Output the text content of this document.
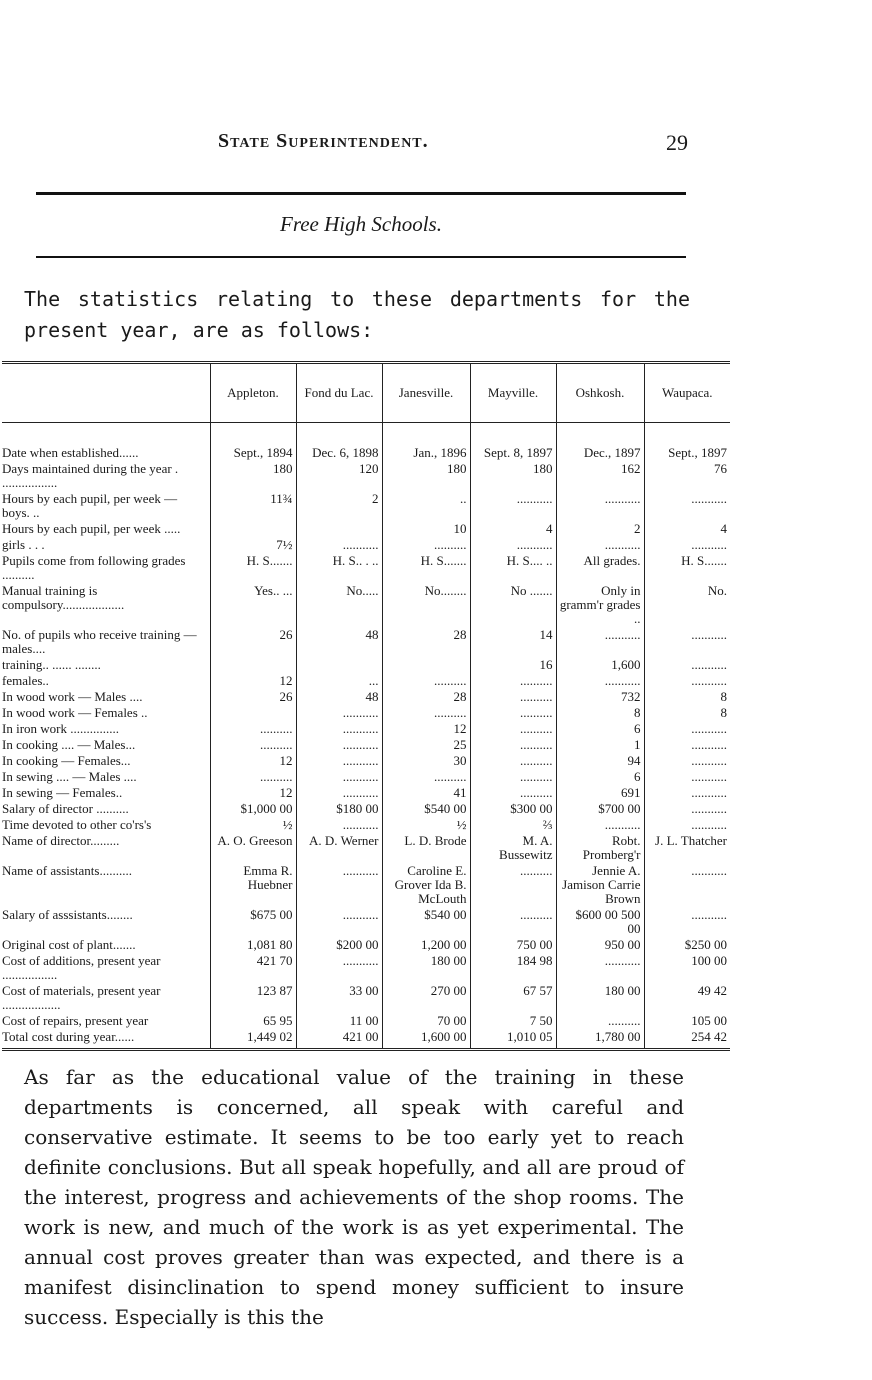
State Superintendent.	29
Free High Schools.

The statistics relating to these departments for the present year, are as follows:

	Appleton.	Fond du Lac.	Janesville.	Mayville.	Oshkosh.	Waupaca.

Date when established......	Sept., 1894	Dec. 6, 1898	Jan., 1896	Sept. 8, 1897	Dec., 1897	Sept., 1897
Days maintained during the year . .................	180	120	180	180	162	76
Hours by each pupil, per week — boys. ..	11¾	2	..	...........	...........	...........
Hours by each pupil, per week .....			10	4	2	4
girls . . .	7½	...........	..........	...........	...........	...........
Pupils come from following grades ..........	H. S.......	H. S.. . ..	H. S.......	H. S.... ..	All grades.	H. S.......
Manual training is compulsory...................	Yes.. ...	No.....	No........	No .......	Only in gramm'r grades ..	No.
No. of pupils who receive training — males....	26	48	28	14	...........	...........
training.. ...... ........				16	1,600	...........
females..	12	...	..........	..........	...........	...........
In wood work — Males ....	26	48	28	..........	732	8
In wood work — Females ..		...........	..........	..........	8	8
In iron work ...............	..........	...........	12	..........	6	...........
In cooking .... — Males...	..........	...........	25	..........	1	...........
In cooking — Females...	12	...........	30	..........	94	...........
In sewing .... — Males ....	..........	...........	..........	..........	6	...........
In sewing — Females..	12	...........	41	..........	691	...........
Salary of director ..........	$1,000 00	$180 00	$540 00	$300 00	$700 00	...........
Time devoted to other co'rs's	½	...........	½	⅔	...........	...........
Name of director.........	A. O. Greeson	A. D. Werner	L. D. Brode	M. A. Bussewitz	Robt. Promberg'r	J. L. Thatcher
Name of assistants..........	Emma R. Huebner	...........	Caroline E. Grover Ida B. McLouth	..........	Jennie A. Jamison Carrie Brown	...........
Salary of asssistants........	$675 00	...........	$540 00	..........	$600 00 500 00	...........
Original cost of plant.......	1,081 80	$200 00	1,200 00	750 00	950 00	$250 00
Cost of additions, present year .................	421 70	...........	180 00	184 98	...........	100 00
Cost of materials, present year ..................	123 87	33 00	270 00	67 57	180 00	49 42
Cost of repairs, present year	65 95	11 00	70 00	7 50	..........	105 00
Total cost during year......	1,449 02	421 00	1,600 00	1,010 05	1,780 00	254 42

As far as the educational value of the training in these departments is concerned, all speak with careful and conservative estimate. It seems to be too early yet to reach definite conclusions. But all speak hopefully, and all are proud of the interest, progress and achievements of the shop rooms. The work is new, and much of the work is as yet experimental. The annual cost proves greater than was expected, and there is a manifest disinclination to spend money sufficient to insure success. Especially is this the
